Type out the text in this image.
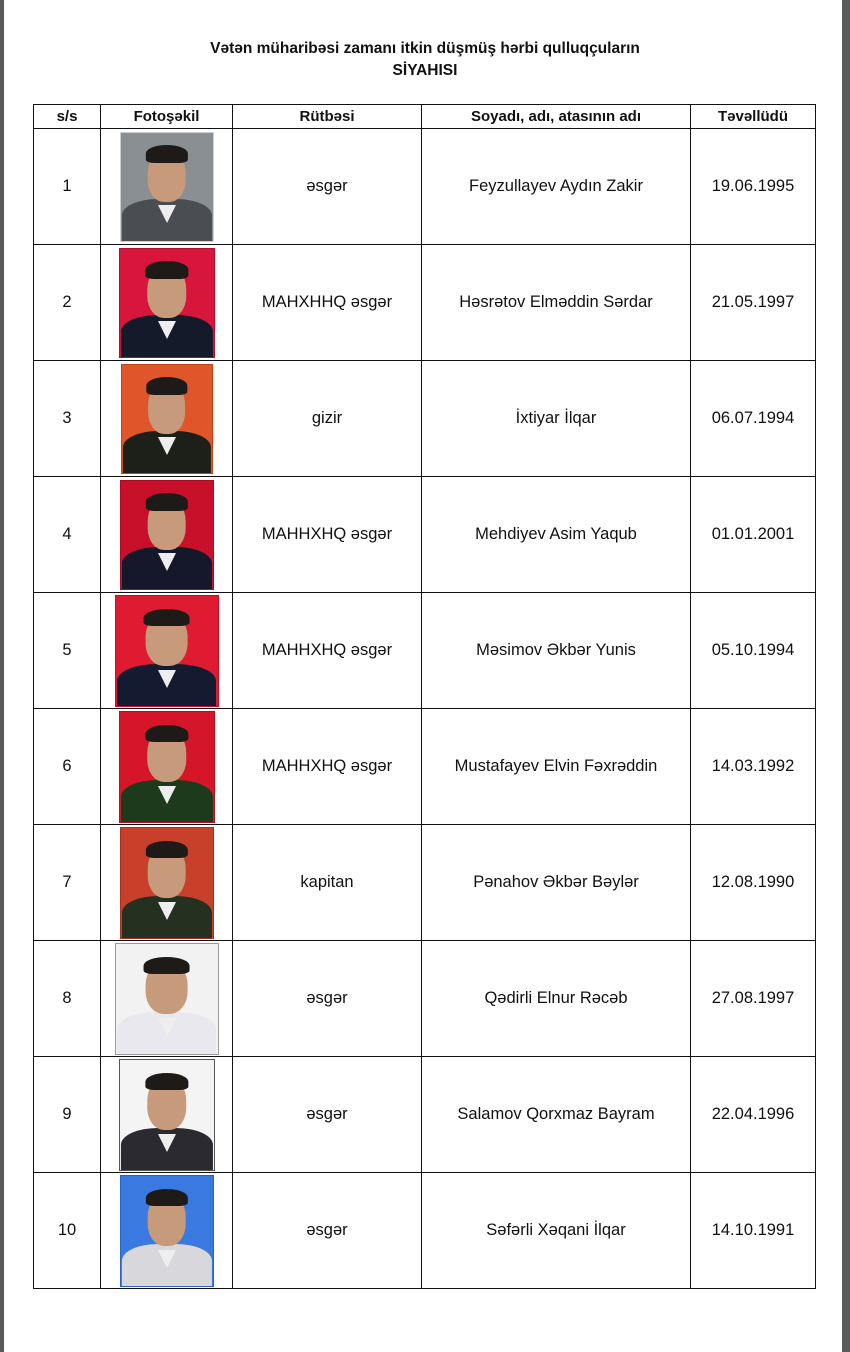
Vətən müharibəsi zamanı itkin düşmüş hərbi qulluqçuların
SİYAHISI
s/s	Fotoşəkil	Rütbəsi	Soyadı, adı, atasının adı	Təvəllüdü
1		əsgər	Feyzullayev Aydın Zakir	19.06.1995
2		MAHXHHQ əsgər	Həsrətov Elməddin Sərdar	21.05.1997
3		gizir	İxtiyar İlqar	06.07.1994
4		MAHHXHQ əsgər	Mehdiyev Asim Yaqub	01.01.2001
5		MAHHXHQ əsgər	Məsimov Əkbər Yunis	05.10.1994
6		MAHHXHQ əsgər	Mustafayev Elvin Fəxrəddin	14.03.1992
7		kapitan	Pənahov Əkbər Bəylər	12.08.1990
8		əsgər	Qədirli Elnur Rəcəb	27.08.1997
9		əsgər	Salamov Qorxmaz Bayram	22.04.1996
10		əsgər	Səfərli Xəqani İlqar	14.10.1991
